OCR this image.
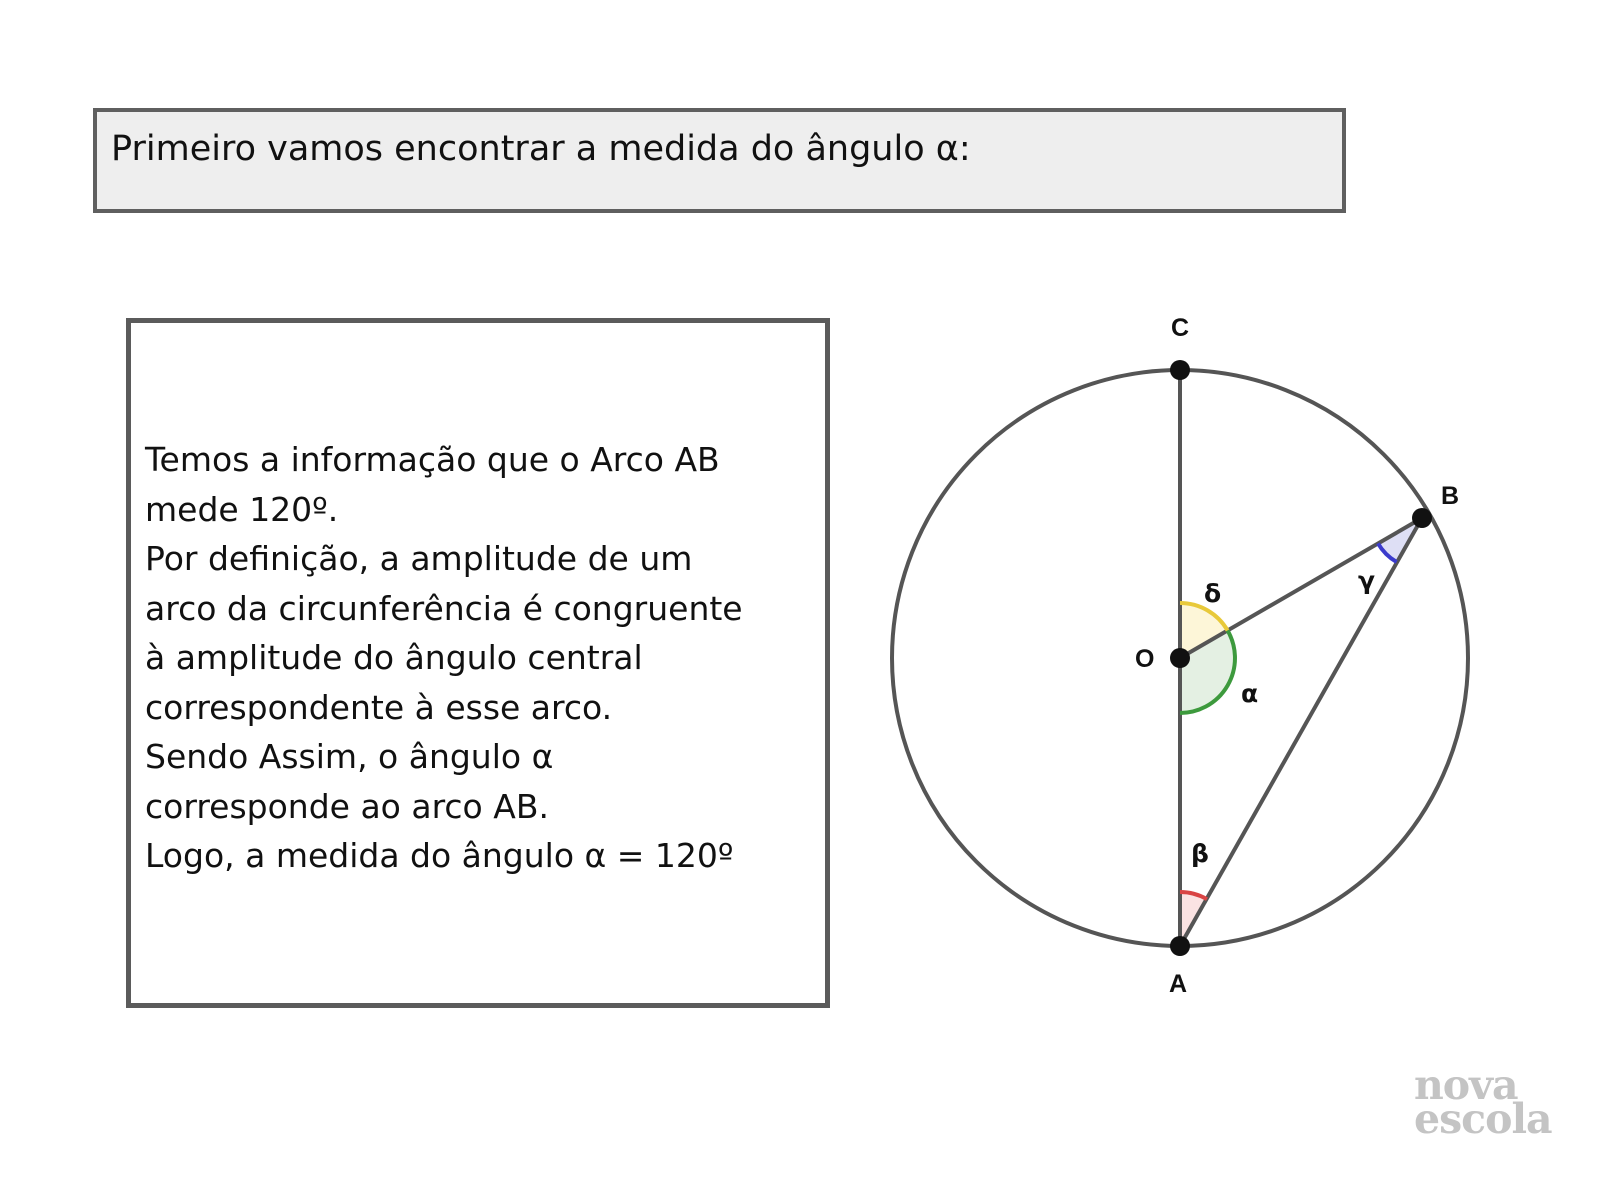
Primeiro vamos encontrar a medida do ângulo α:

Temos a informação que o Arco AB
mede 120º.
Por definição, a amplitude de um
arco da circunferência é congruente
à amplitude do ângulo central
correspondente à esse arco.
Sendo Assim, o ângulo α
corresponde ao arco AB.
Logo, a medida do ângulo α = 120º

C
B
O
A
δ
α
β
γ
nova
escola
